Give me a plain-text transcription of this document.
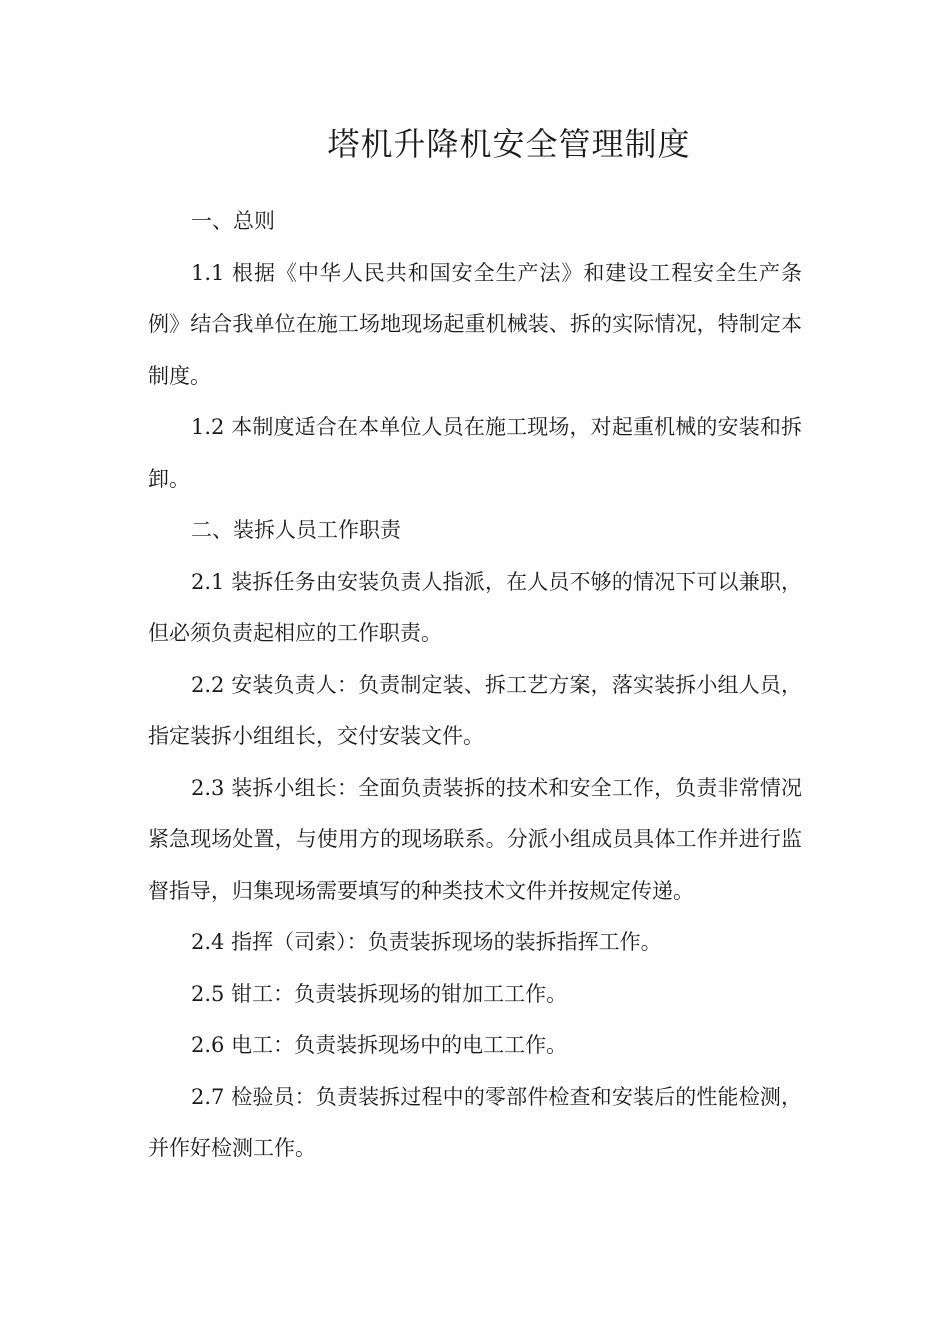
塔机升降机安全管理制度

一、总则

1.1 根据《中华人民共和国安全生产法》和建设工程安全生产条例》结合我单位在施工场地现场起重机械装、拆的实际情况，特制定本制度。

1.2 本制度适合在本单位人员在施工现场，对起重机械的安装和拆卸。

二、装拆人员工作职责

2.1 装拆任务由安装负责人指派，在人员不够的情况下可以兼职，但必须负责起相应的工作职责。

2.2 安装负责人：负责制定装、拆工艺方案，落实装拆小组人员，指定装拆小组组长，交付安装文件。

2.3 装拆小组长：全面负责装拆的技术和安全工作，负责非常情况紧急现场处置，与使用方的现场联系。分派小组成员具体工作并进行监督指导，归集现场需要填写的种类技术文件并按规定传递。

2.4 指挥（司索）：负责装拆现场的装拆指挥工作。

2.5 钳工：负责装拆现场的钳加工工作。

2.6 电工：负责装拆现场中的电工工作。

2.7 检验员：负责装拆过程中的零部件检查和安装后的性能检测，并作好检测工作。
